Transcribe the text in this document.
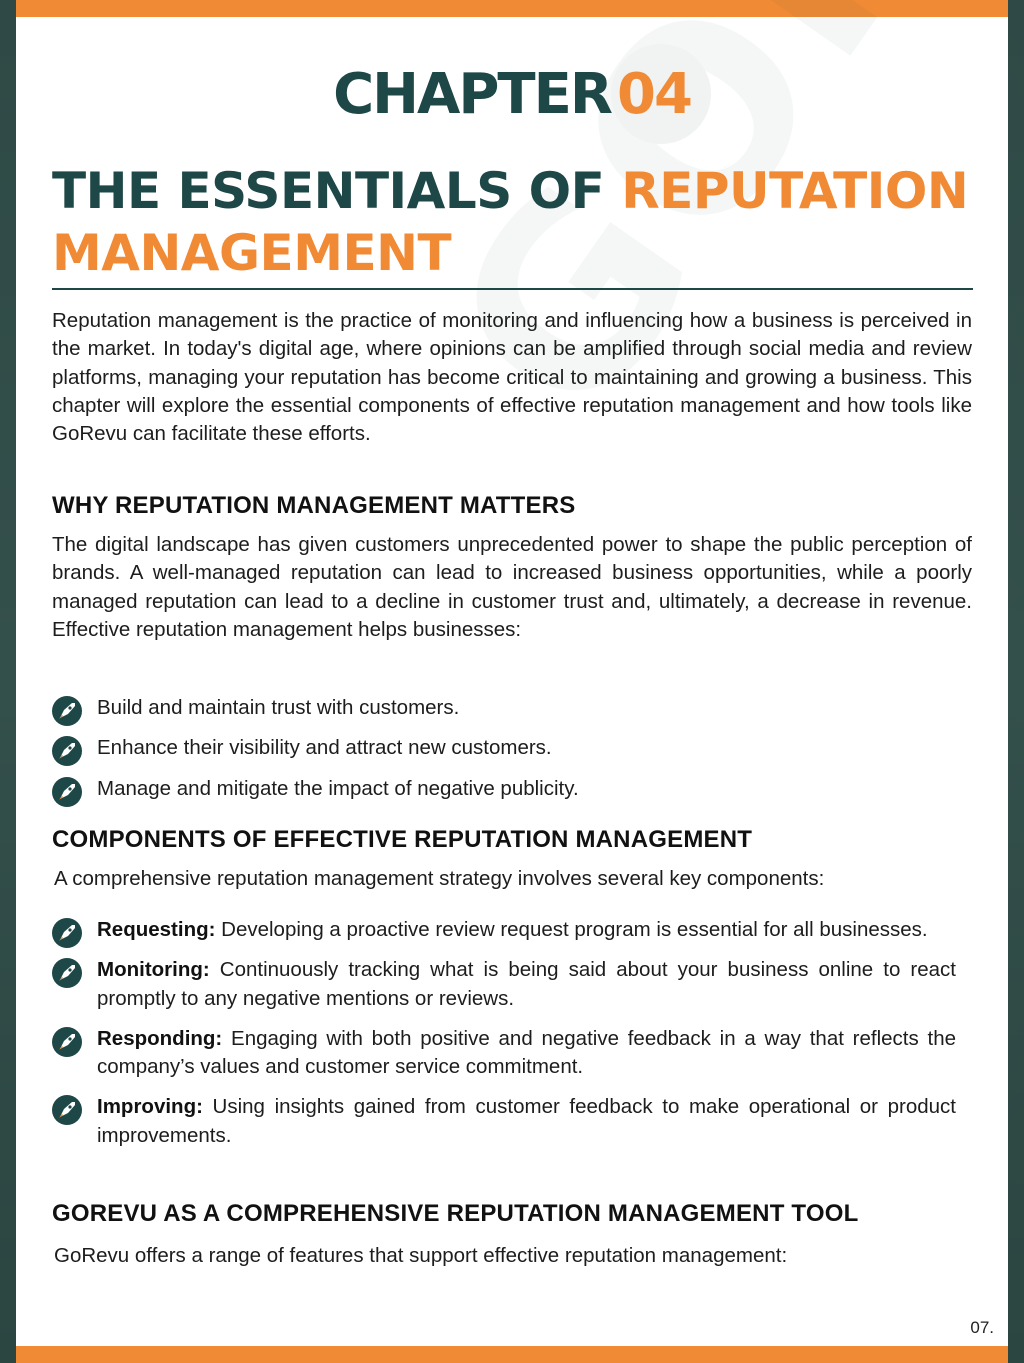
CHAPTER 04
THE ESSENTIALS OF REPUTATION MANAGEMENT

Reputation management is the practice of monitoring and influencing how a business is perceived in the market. In today's digital age, where opinions can be amplified through social media and review platforms, managing your reputation has become critical to maintaining and growing a business. This chapter will explore the essential components of effective reputation management and how tools like GoRevu can facilitate these efforts.

WHY REPUTATION MANAGEMENT MATTERS

The digital landscape has given customers unprecedented power to shape the public perception of brands. A well-managed reputation can lead to increased business opportunities, while a poorly managed reputation can lead to a decline in customer trust and, ultimately, a decrease in revenue. Effective reputation management helps businesses:

Build and maintain trust with customers.
Enhance their visibility and attract new customers.
Manage and mitigate the impact of negative publicity.
COMPONENTS OF EFFECTIVE REPUTATION MANAGEMENT

A comprehensive reputation management strategy involves several key components:

Requesting: Developing a proactive review request program is essential for all businesses.
Monitoring: Continuously tracking what is being said about your business online to react promptly to any negative mentions or reviews.
Responding: Engaging with both positive and negative feedback in a way that reflects the company’s values and customer service commitment.
Improving: Using insights gained from customer feedback to make operational or product improvements.
GOREVU AS A COMPREHENSIVE REPUTATION MANAGEMENT TOOL

GoRevu offers a range of features that support effective reputation management:

07.
